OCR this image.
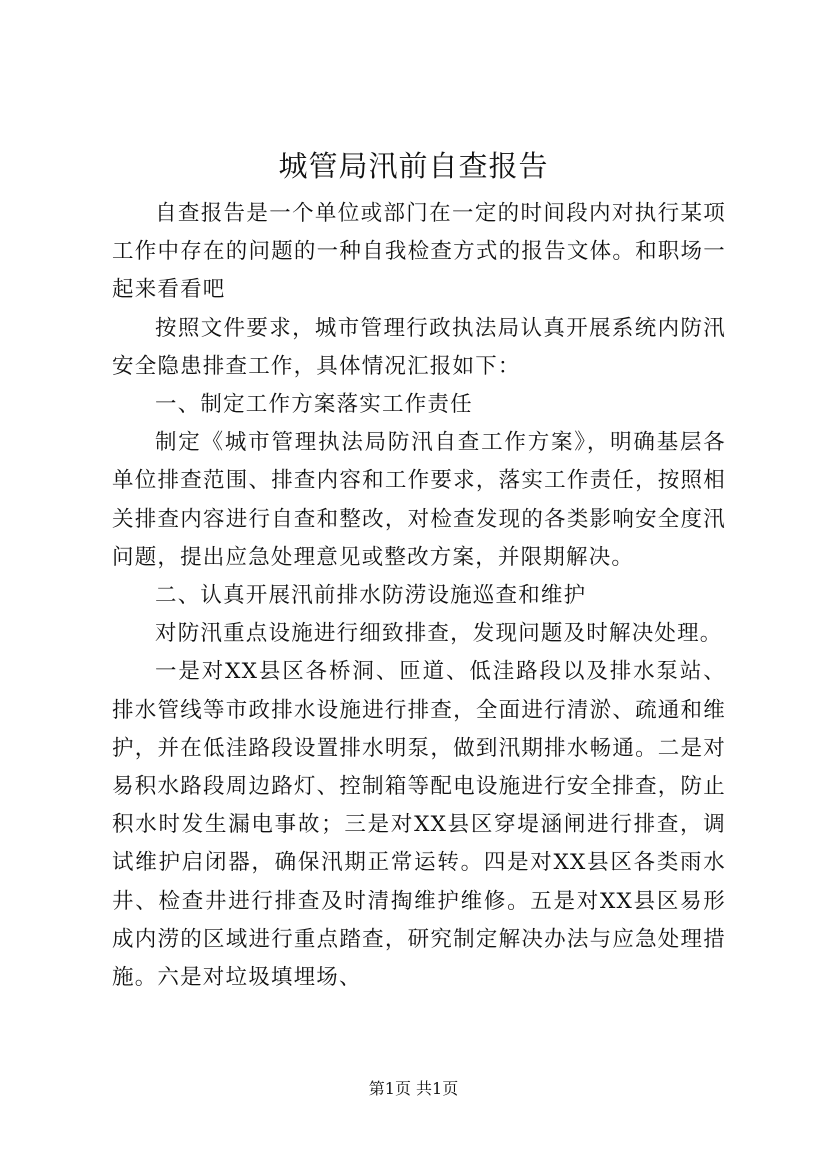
城管局汛前自查报告

自查报告是一个单位或部门在一定的时间段内对执行某项工作中存在的问题的一种自我检查方式的报告文体。和职场一起来看看吧

按照文件要求，城市管理行政执法局认真开展系统内防汛安全隐患排查工作，具体情况汇报如下：

一、制定工作方案落实工作责任

制定《城市管理执法局防汛自查工作方案》，明确基层各单位排查范围、排查内容和工作要求，落实工作责任，按照相关排查内容进行自查和整改，对检查发现的各类影响安全度汛问题，提出应急处理意见或整改方案，并限期解决。

二、认真开展汛前排水防涝设施巡查和维护

对防汛重点设施进行细致排查，发现问题及时解决处理。

一是对XX县区各桥洞、匝道、低洼路段以及排水泵站、排水管线等市政排水设施进行排查，全面进行清淤、疏通和维护，并在低洼路段设置排水明泵，做到汛期排水畅通。二是对易积水路段周边路灯、控制箱等配电设施进行安全排查，防止积水时发生漏电事故；三是对XX县区穿堤涵闸进行排查，调试维护启闭器，确保汛期正常运转。四是对XX县区各类雨水井、检查井进行排查及时清掏维护维修。五是对XX县区易形成内涝的区域进行重点踏查，研究制定解决办法与应急处理措施。六是对垃圾填埋场、

第1页 共1页
